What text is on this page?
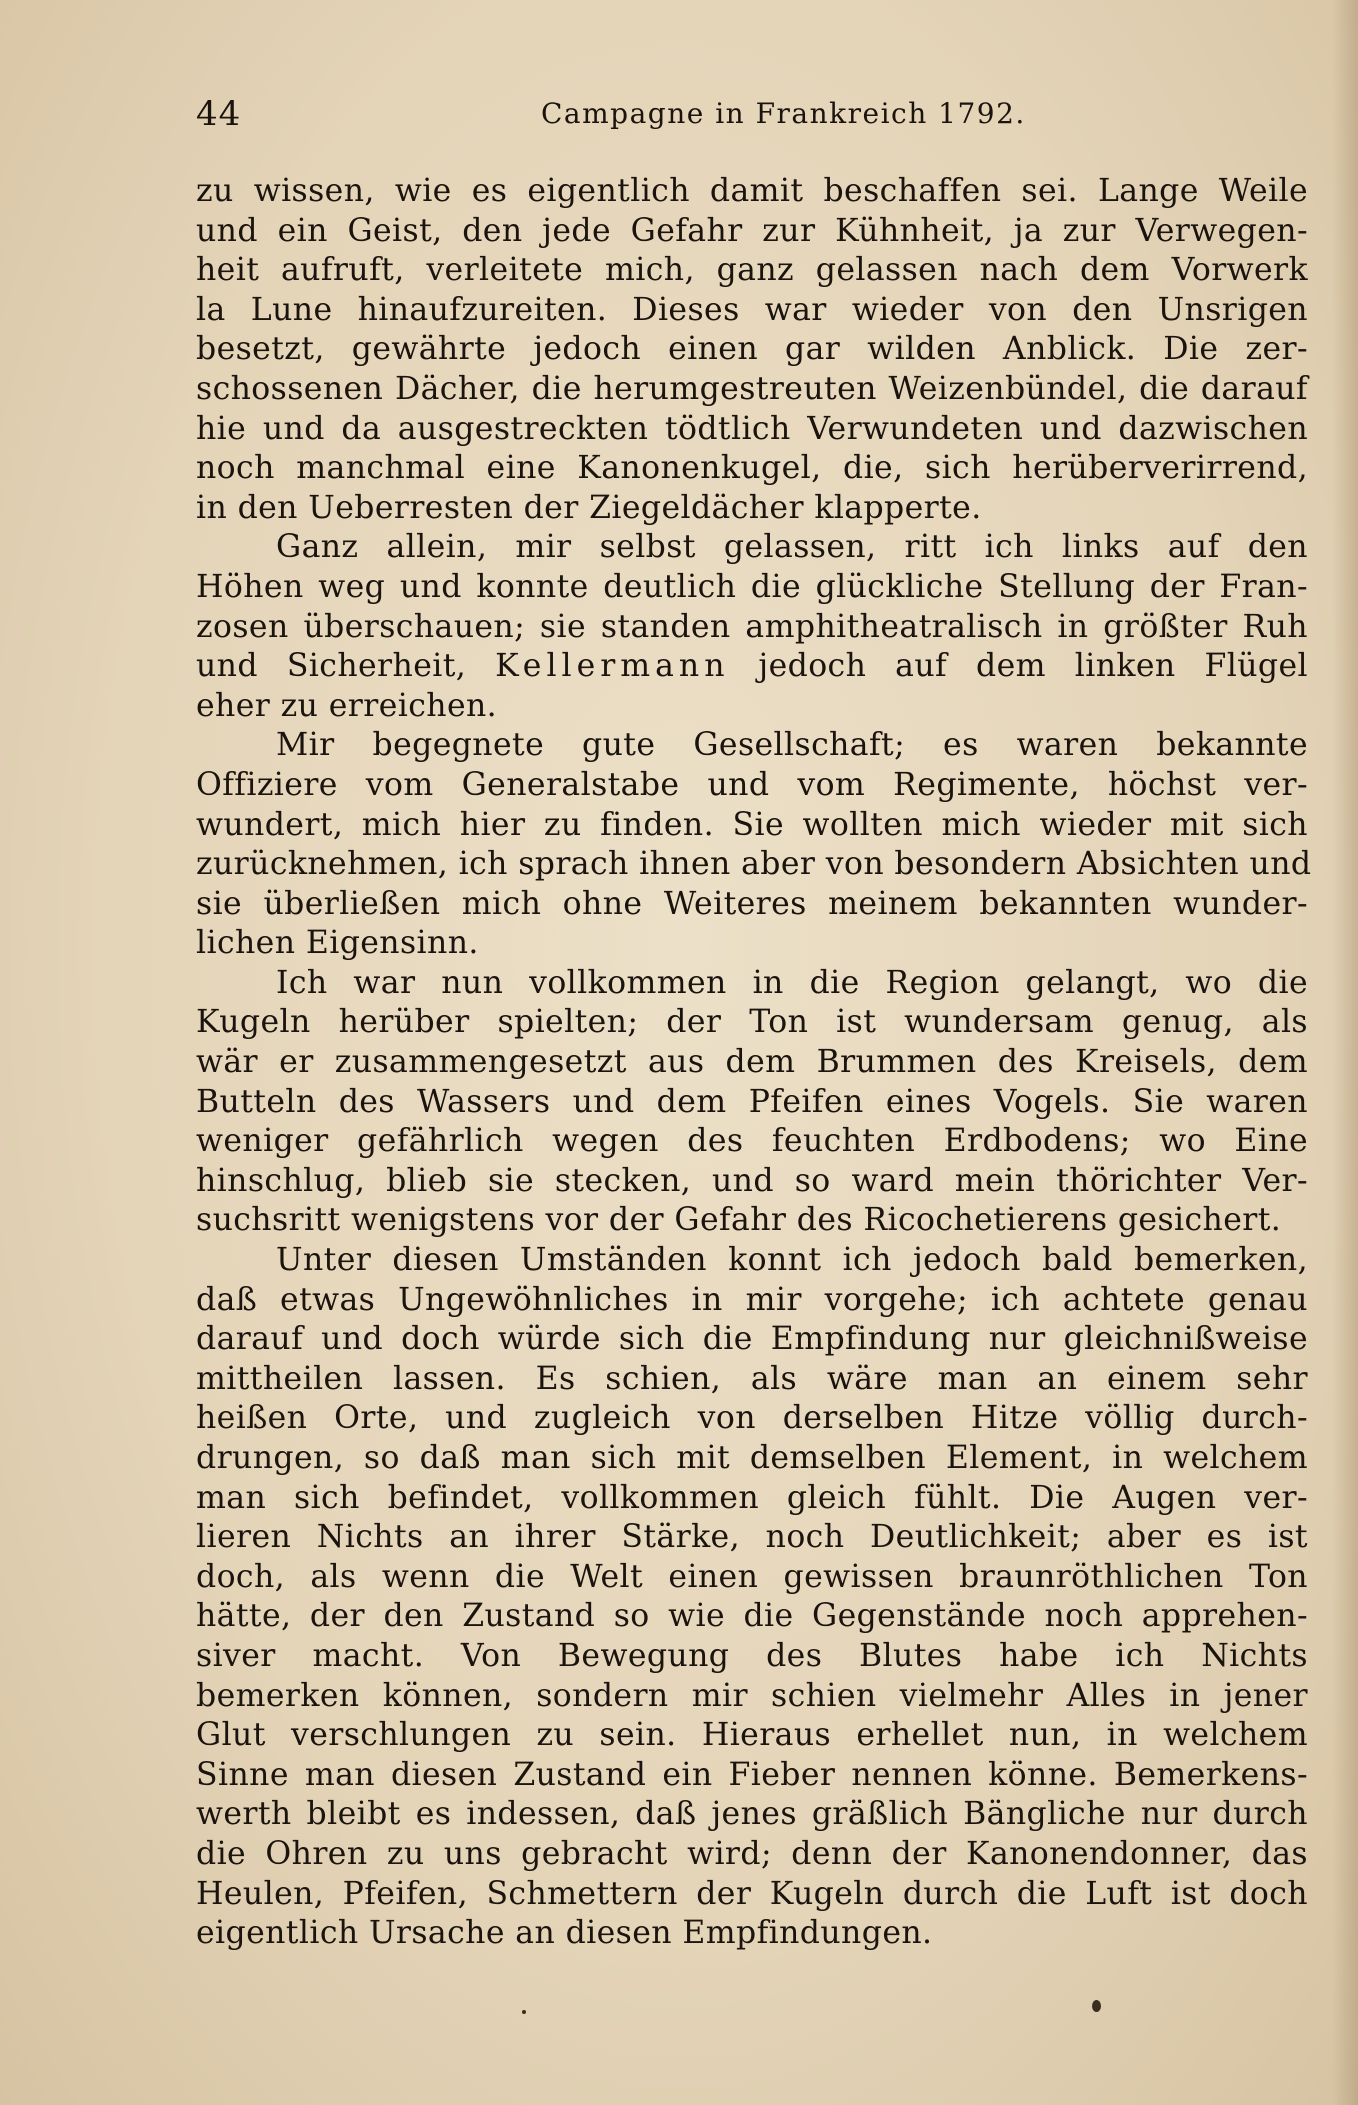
44	Campagne in Frankreich 1792.
zu wissen, wie es eigentlich damit beschaffen sei. Lange Weile
und ein Geist, den jede Gefahr zur Kühnheit, ja zur Verwegen-
heit aufruft, verleitete mich, ganz gelassen nach dem Vorwerk
la Lune hinaufzureiten. Dieses war wieder von den Unsrigen
besetzt, gewährte jedoch einen gar wilden Anblick. Die zer-
schossenen Dächer, die herumgestreuten Weizenbündel, die darauf
hie und da ausgestreckten tödtlich Verwundeten und dazwischen
noch manchmal eine Kanonenkugel, die, sich herüberverirrend,
in den Ueberresten der Ziegeldächer klapperte.
Ganz allein, mir selbst gelassen, ritt ich links auf den
Höhen weg und konnte deutlich die glückliche Stellung der Fran-
zosen überschauen; sie standen amphitheatralisch in größter Ruh
und Sicherheit, Kellermann jedoch auf dem linken Flügel
eher zu erreichen.
Mir begegnete gute Gesellschaft; es waren bekannte
Offiziere vom Generalstabe und vom Regimente, höchst ver-
wundert, mich hier zu finden. Sie wollten mich wieder mit sich
zurücknehmen, ich sprach ihnen aber von besondern Absichten und
sie überließen mich ohne Weiteres meinem bekannten wunder-
lichen Eigensinn.
Ich war nun vollkommen in die Region gelangt, wo die
Kugeln herüber spielten; der Ton ist wundersam genug, als
wär er zusammengesetzt aus dem Brummen des Kreisels, dem
Butteln des Wassers und dem Pfeifen eines Vogels. Sie waren
weniger gefährlich wegen des feuchten Erdbodens; wo Eine
hinschlug, blieb sie stecken, und so ward mein thörichter Ver-
suchsritt wenigstens vor der Gefahr des Ricochetierens gesichert.
Unter diesen Umständen konnt ich jedoch bald bemerken,
daß etwas Ungewöhnliches in mir vorgehe; ich achtete genau
darauf und doch würde sich die Empfindung nur gleichnißweise
mittheilen lassen. Es schien, als wäre man an einem sehr
heißen Orte, und zugleich von derselben Hitze völlig durch-
drungen, so daß man sich mit demselben Element, in welchem
man sich befindet, vollkommen gleich fühlt. Die Augen ver-
lieren Nichts an ihrer Stärke, noch Deutlichkeit; aber es ist
doch, als wenn die Welt einen gewissen braunröthlichen Ton
hätte, der den Zustand so wie die Gegenstände noch apprehen-
siver macht. Von Bewegung des Blutes habe ich Nichts
bemerken können, sondern mir schien vielmehr Alles in jener
Glut verschlungen zu sein. Hieraus erhellet nun, in welchem
Sinne man diesen Zustand ein Fieber nennen könne. Bemerkens-
werth bleibt es indessen, daß jenes gräßlich Bängliche nur durch
die Ohren zu uns gebracht wird; denn der Kanonendonner, das
Heulen, Pfeifen, Schmettern der Kugeln durch die Luft ist doch
eigentlich Ursache an diesen Empfindungen.
